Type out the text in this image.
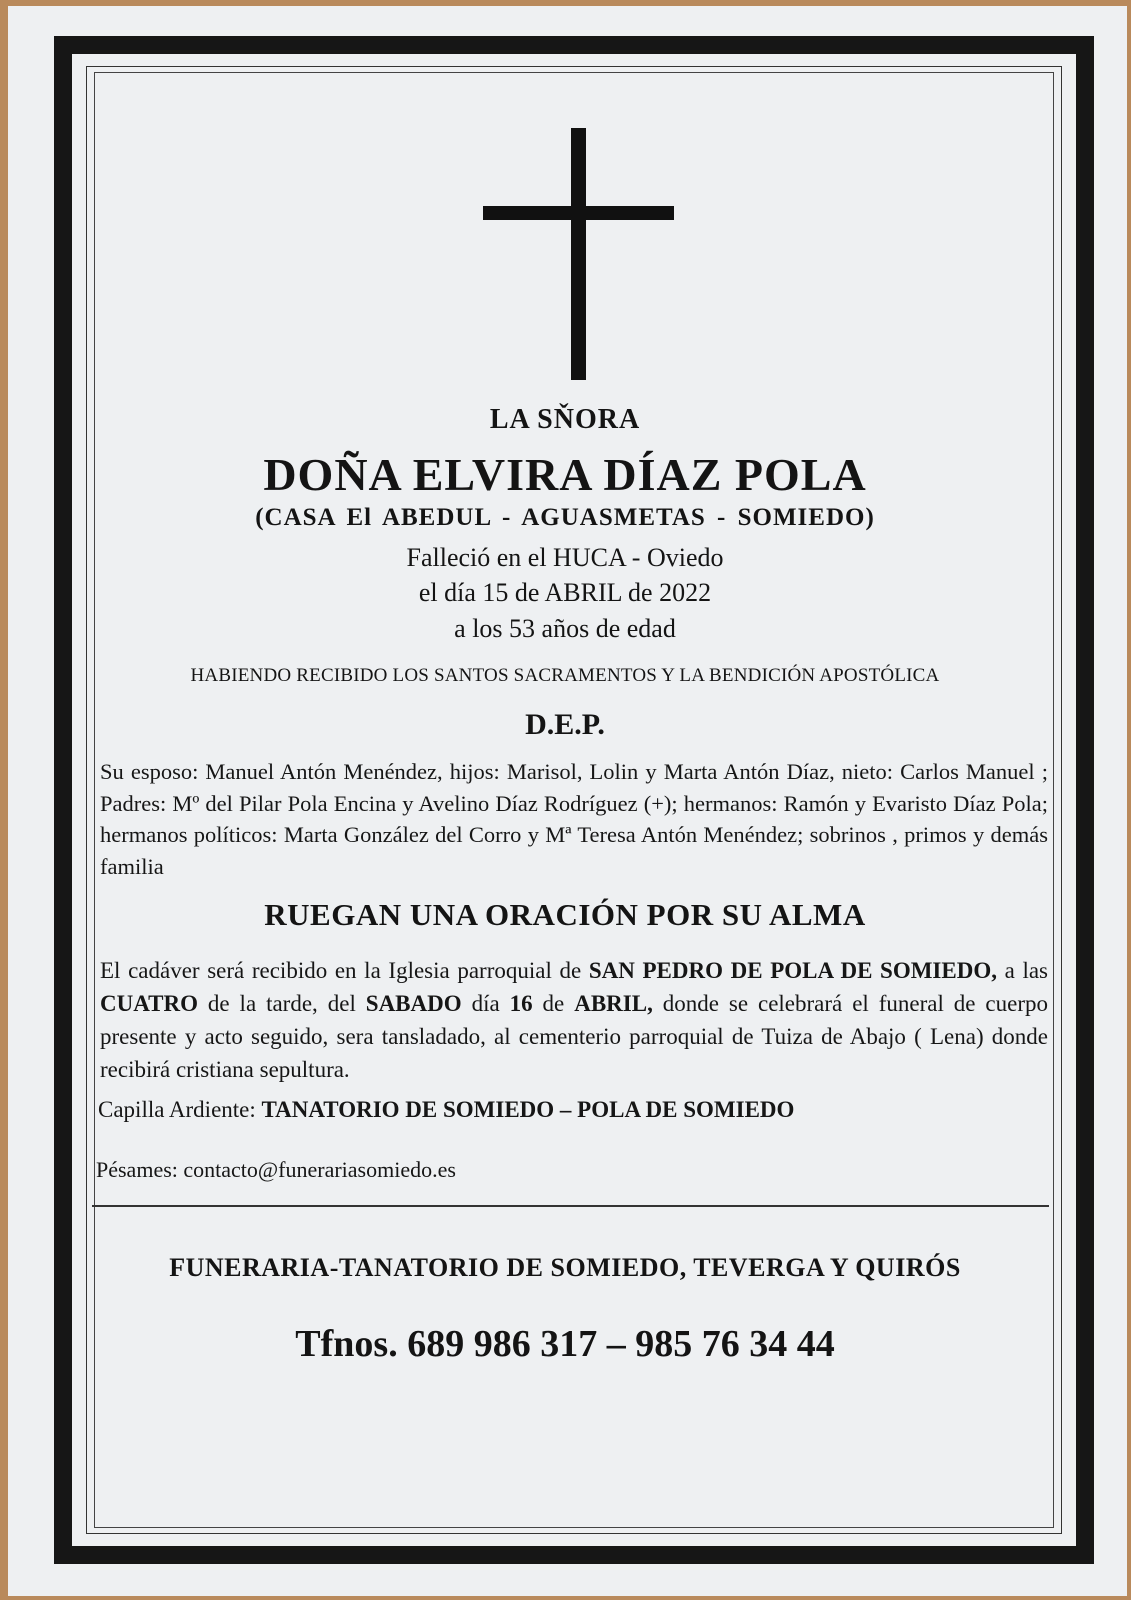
LA SŇORA
DOÑA ELVIRA DÍAZ POLA
(CASA El ABEDUL - AGUASMETAS - SOMIEDO)
Falleció en el HUCA - Oviedo
el día 15 de ABRIL de 2022
a los 53 años de edad
HABIENDO RECIBIDO LOS SANTOS SACRAMENTOS Y LA BENDICIÓN APOSTÓLICA
D.E.P.
Su esposo: Manuel Antón Menéndez, hijos: Marisol, Lolin y Marta Antón Díaz, nieto: Carlos Manuel ; Padres: Mº del Pilar Pola Encina y Avelino Díaz Rodríguez (+); hermanos: Ramón y Evaristo Díaz Pola; hermanos políticos: Marta González del Corro y Mª Teresa Antón Menéndez; sobrinos , primos y demás familia
RUEGAN UNA ORACIÓN POR SU ALMA
El cadáver será recibido en la Iglesia parroquial de SAN PEDRO DE POLA DE SOMIEDO, a las CUATRO de la tarde, del SABADO día 16 de ABRIL, donde se celebrará el funeral de cuerpo presente y acto seguido, sera tansladado, al cementerio parroquial de Tuiza de Abajo ( Lena) donde recibirá cristiana sepultura.
Capilla Ardiente: TANATORIO DE SOMIEDO – POLA DE SOMIEDO
Pésames: contacto@funerariasomiedo.es
FUNERARIA-TANATORIO DE SOMIEDO, TEVERGA Y QUIRÓS
Tfnos. 689 986 317 – 985 76 34 44
